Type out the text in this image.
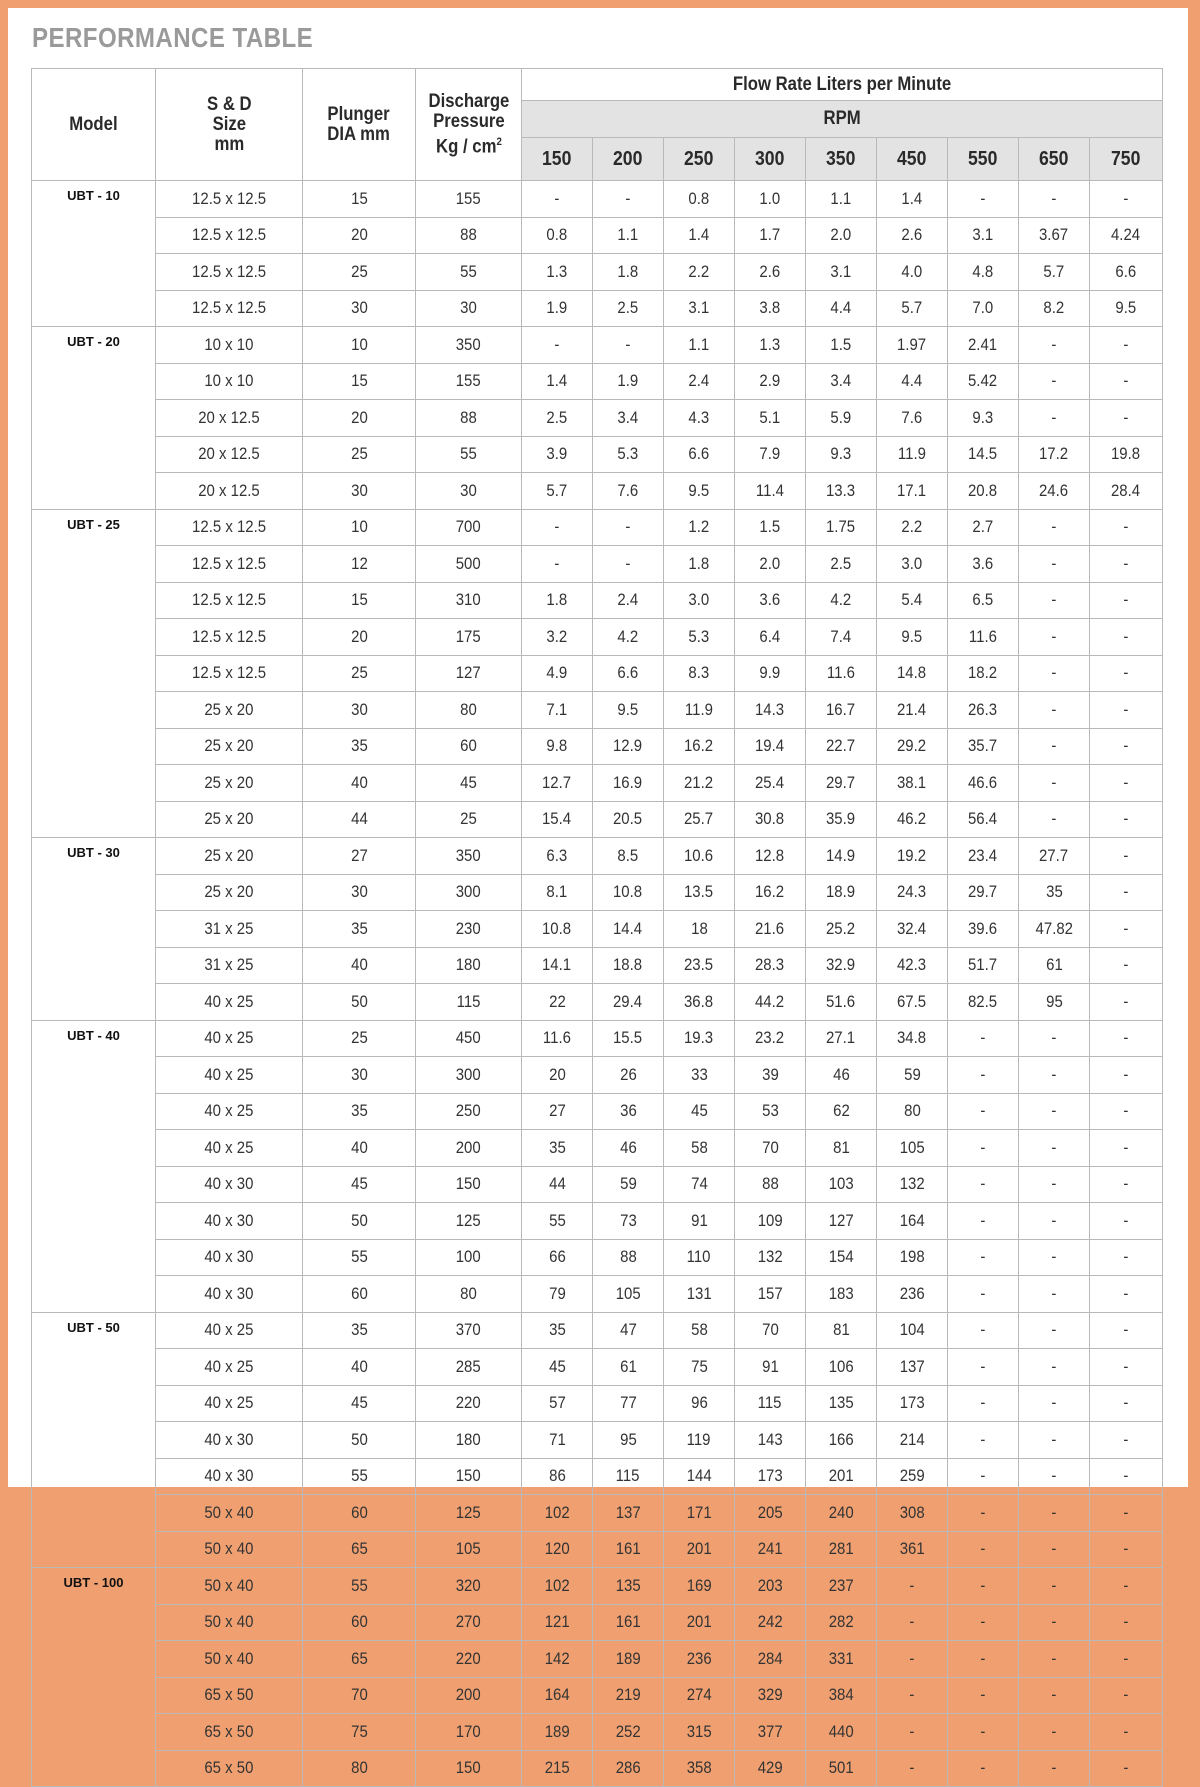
PERFORMANCE TABLE
Model	S & D
Size
mm	Plunger
DIA mm	Discharge
Pressure
Kg / $cm^2$	Flow Rate Liters per Minute								
				RPM								
				150	200	250	300	350	450	550	650	750
UBT - 10	12.5 x 12.5	15	155	-	-	0.8	1.0	1.1	1.4	-	-	-
	12.5 x 12.5	20	88	0.8	1.1	1.4	1.7	2.0	2.6	3.1	3.67	4.24
	12.5 x 12.5	25	55	1.3	1.8	2.2	2.6	3.1	4.0	4.8	5.7	6.6
	12.5 x 12.5	30	30	1.9	2.5	3.1	3.8	4.4	5.7	7.0	8.2	9.5
UBT - 20	10 x 10	10	350	-	-	1.1	1.3	1.5	1.97	2.41	-	-
	10 x 10	15	155	1.4	1.9	2.4	2.9	3.4	4.4	5.42	-	-
	20 x 12.5	20	88	2.5	3.4	4.3	5.1	5.9	7.6	9.3	-	-
	20 x 12.5	25	55	3.9	5.3	6.6	7.9	9.3	11.9	14.5	17.2	19.8
	20 x 12.5	30	30	5.7	7.6	9.5	11.4	13.3	17.1	20.8	24.6	28.4
UBT - 25	12.5 x 12.5	10	700	-	-	1.2	1.5	1.75	2.2	2.7	-	-
	12.5 x 12.5	12	500	-	-	1.8	2.0	2.5	3.0	3.6	-	-
	12.5 x 12.5	15	310	1.8	2.4	3.0	3.6	4.2	5.4	6.5	-	-
	12.5 x 12.5	20	175	3.2	4.2	5.3	6.4	7.4	9.5	11.6	-	-
	12.5 x 12.5	25	127	4.9	6.6	8.3	9.9	11.6	14.8	18.2	-	-
	25 x 20	30	80	7.1	9.5	11.9	14.3	16.7	21.4	26.3	-	-
	25 x 20	35	60	9.8	12.9	16.2	19.4	22.7	29.2	35.7	-	-
	25 x 20	40	45	12.7	16.9	21.2	25.4	29.7	38.1	46.6	-	-
	25 x 20	44	25	15.4	20.5	25.7	30.8	35.9	46.2	56.4	-	-
UBT - 30	25 x 20	27	350	6.3	8.5	10.6	12.8	14.9	19.2	23.4	27.7	-
	25 x 20	30	300	8.1	10.8	13.5	16.2	18.9	24.3	29.7	35	-
	31 x 25	35	230	10.8	14.4	18	21.6	25.2	32.4	39.6	47.82	-
	31 x 25	40	180	14.1	18.8	23.5	28.3	32.9	42.3	51.7	61	-
	40 x 25	50	115	22	29.4	36.8	44.2	51.6	67.5	82.5	95	-
UBT - 40	40 x 25	25	450	11.6	15.5	19.3	23.2	27.1	34.8	-	-	-
	40 x 25	30	300	20	26	33	39	46	59	-	-	-
	40 x 25	35	250	27	36	45	53	62	80	-	-	-
	40 x 25	40	200	35	46	58	70	81	105	-	-	-
	40 x 30	45	150	44	59	74	88	103	132	-	-	-
	40 x 30	50	125	55	73	91	109	127	164	-	-	-
	40 x 30	55	100	66	88	110	132	154	198	-	-	-
	40 x 30	60	80	79	105	131	157	183	236	-	-	-
UBT - 50	40 x 25	35	370	35	47	58	70	81	104	-	-	-
	40 x 25	40	285	45	61	75	91	106	137	-	-	-
	40 x 25	45	220	57	77	96	115	135	173	-	-	-
	40 x 30	50	180	71	95	119	143	166	214	-	-	-
	40 x 30	55	150	86	115	144	173	201	259	-	-	-
	50 x 40	60	125	102	137	171	205	240	308	-	-	-
	50 x 40	65	105	120	161	201	241	281	361	-	-	-
UBT - 100	50 x 40	55	320	102	135	169	203	237	-	-	-	-
	50 x 40	60	270	121	161	201	242	282	-	-	-	-
	50 x 40	65	220	142	189	236	284	331	-	-	-	-
	65 x 50	70	200	164	219	274	329	384	-	-	-	-
	65 x 50	75	170	189	252	315	377	440	-	-	-	-
	65 x 50	80	150	215	286	358	429	501	-	-	-	-
